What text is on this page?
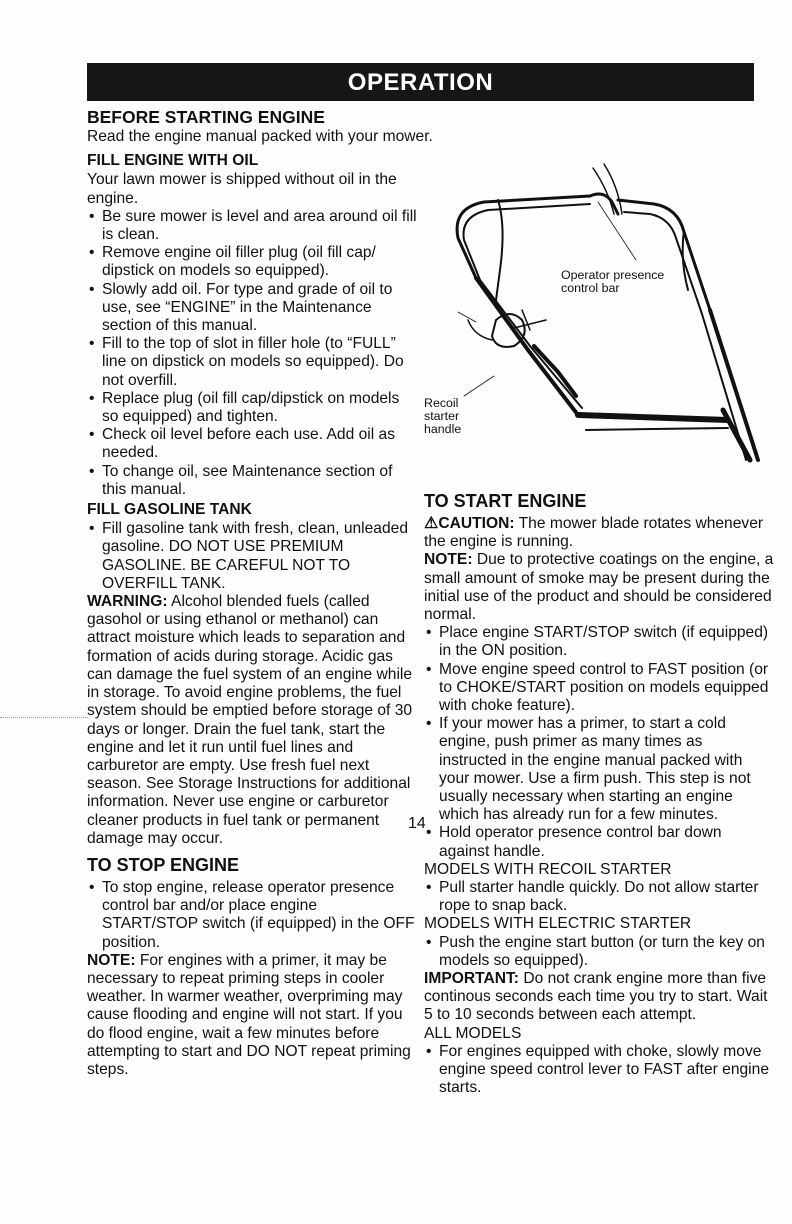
OPERATION
BEFORE STARTING ENGINE

Read the engine manual packed with your mower.

FILL ENGINE WITH OIL

Your lawn mower is shipped without oil in the engine.

• Be sure mower is level and area around oil fill is clean.
• Remove engine oil filler plug (oil fill cap/ dipstick on models so equipped).
• Slowly add oil. For type and grade of oil to use, see “ENGINE” in the Maintenance section of this manual.
• Fill to the top of slot in filler hole (to “FULL” line on dipstick on models so equipped). Do not overfill.
• Replace plug (oil fill cap/dipstick on models so equipped) and tighten.
• Check oil level before each use. Add oil as needed.
• To change oil, see Maintenance section of this manual.
FILL GASOLINE TANK
• Fill gasoline tank with fresh, clean, unleaded gasoline. DO NOT USE PREMIUM GASOLINE. BE CAREFUL NOT TO OVERFILL TANK.

WARNING: Alcohol blended fuels (called gasohol or using ethanol or methanol) can attract moisture which leads to separation and formation of acids during storage. Acidic gas can damage the fuel system of an engine while in storage. To avoid engine problems, the fuel system should be emptied before storage of 30 days or longer. Drain the fuel tank, start the engine and let it run until fuel lines and carburetor are empty. Use fresh fuel next season. See Storage Instructions for additional information. Never use engine or carburetor cleaner products in fuel tank or permanent damage may occur.

TO STOP ENGINE
• To stop engine, release operator presence control bar and/or place engine START/STOP switch (if equipped) in the OFF position.

NOTE: For engines with a primer, it may be necessary to repeat priming steps in cooler weather. In warmer weather, overpriming may cause flooding and engine will not start. If you do flood engine, wait a few minutes before attempting to start and DO NOT repeat priming steps.

Operator presence control bar
Recoil starter handle
TO START ENGINE

⚠CAUTION: The mower blade rotates whenever the engine is running.

NOTE: Due to protective coatings on the engine, a small amount of smoke may be present during the initial use of the product and should be considered normal.

• Place engine START/STOP switch (if equipped) in the ON position.
• Move engine speed control to FAST position (or to CHOKE/START position on models equipped with choke feature).
• If your mower has a primer, to start a cold engine, push primer as many times as instructed in the engine manual packed with your mower. Use a firm push. This step is not usually necessary when starting an engine which has already run for a few minutes.
• Hold operator presence control bar down against handle.

MODELS WITH RECOIL STARTER

• Pull starter handle quickly. Do not allow starter rope to snap back.

MODELS WITH ELECTRIC STARTER

• Push the engine start button (or turn the key on models so equipped).

IMPORTANT: Do not crank engine more than five continous seconds each time you try to start. Wait 5 to 10 seconds between each attempt.

ALL MODELS

• For engines equipped with choke, slowly move engine speed control lever to FAST after engine starts.
14
